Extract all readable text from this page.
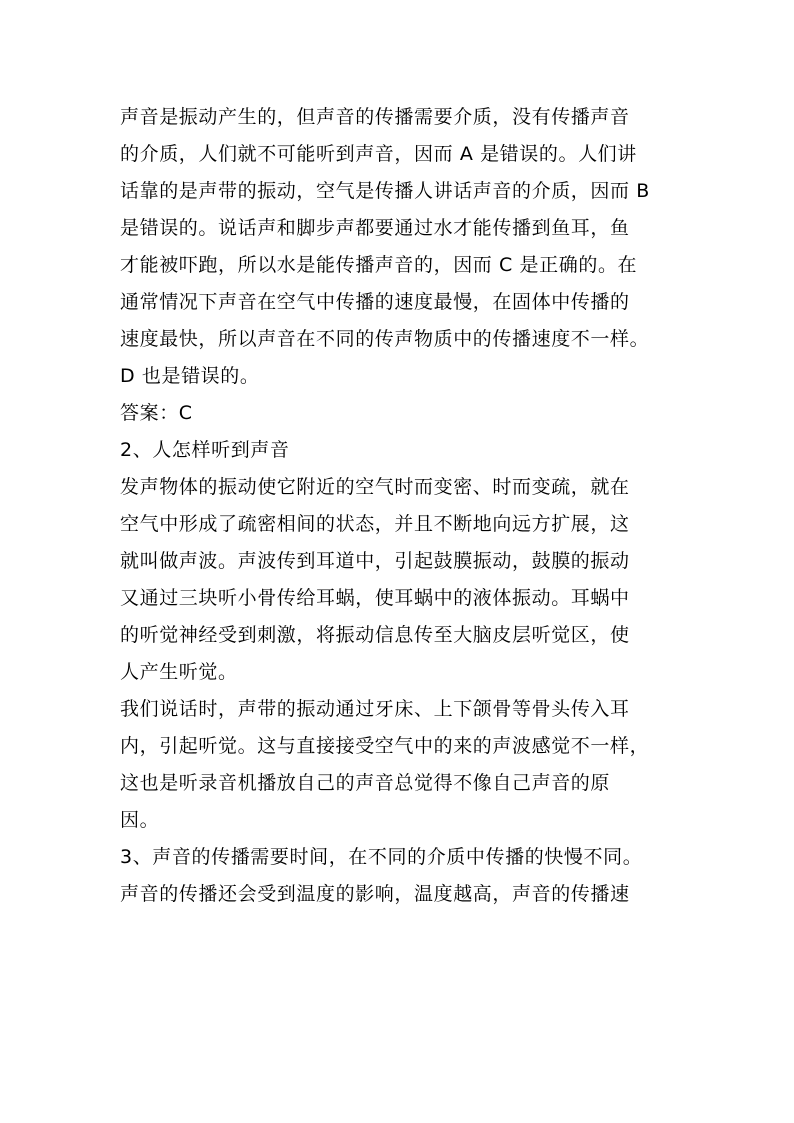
声音是振动产生的，但声音的传播需要介质，没有传播声音
的介质，人们就不可能听到声音，因而 A 是错误的。人们讲
话靠的是声带的振动，空气是传播人讲话声音的介质，因而 B
是错误的。说话声和脚步声都要通过水才能传播到鱼耳，鱼
才能被吓跑，所以水是能传播声音的，因而 C 是正确的。在
通常情况下声音在空气中传播的速度最慢，在固体中传播的
速度最快，所以声音在不同的传声物质中的传播速度不一样。
D 也是错误的。
答案：C
2、人怎样听到声音
发声物体的振动使它附近的空气时而变密、时而变疏，就在
空气中形成了疏密相间的状态，并且不断地向远方扩展，这
就叫做声波。声波传到耳道中，引起鼓膜振动，鼓膜的振动
又通过三块听小骨传给耳蜗，使耳蜗中的液体振动。耳蜗中
的听觉神经受到刺激，将振动信息传至大脑皮层听觉区，使
人产生听觉。
我们说话时，声带的振动通过牙床、上下颌骨等骨头传入耳
内，引起听觉。这与直接接受空气中的来的声波感觉不一样，
这也是听录音机播放自己的声音总觉得不像自己声音的原
因。
3、声音的传播需要时间，在不同的介质中传播的快慢不同。
声音的传播还会受到温度的影响，温度越高，声音的传播速
